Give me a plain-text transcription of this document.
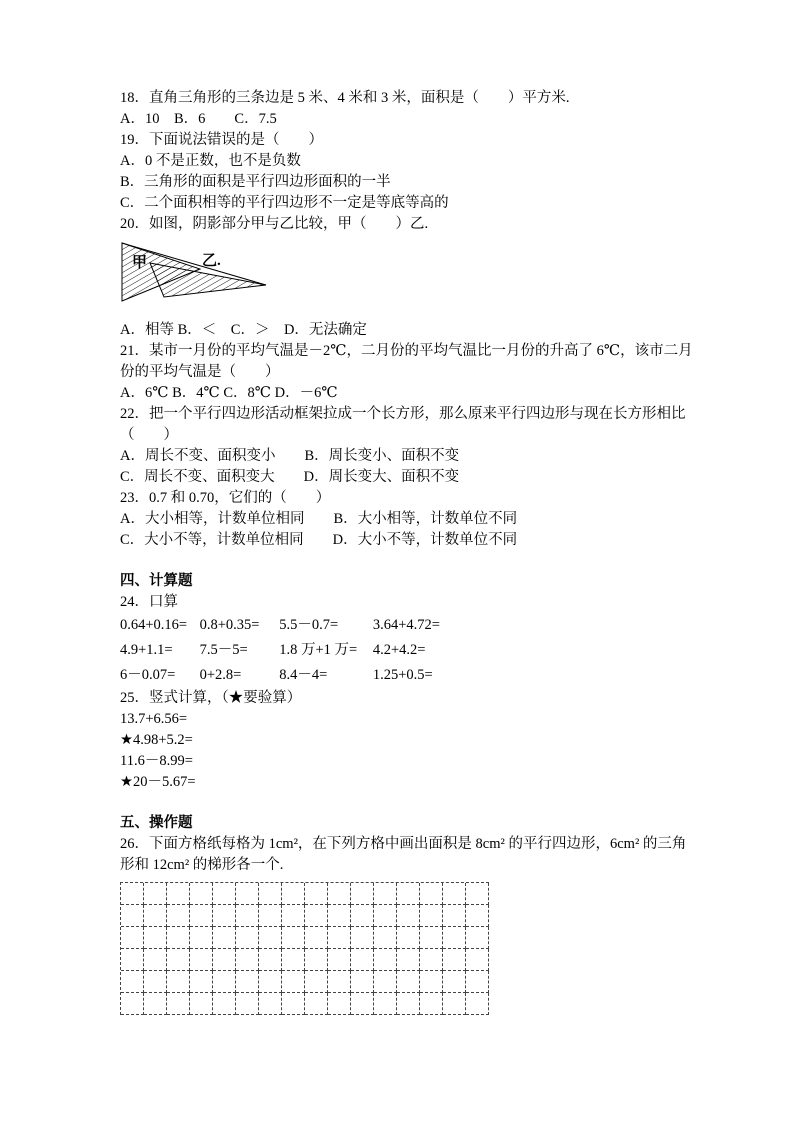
18．直角三角形的三条边是 5 米、4 米和 3 米，面积是（　　）平方米.
A．10　B．6　　C．7.5
19．下面说法错误的是（　　）
A．0 不是正数，也不是负数
B．三角形的面积是平行四边形面积的一半
C．二个面积相等的平行四边形不一定是等底等高的
20．如图，阴影部分甲与乙比较，甲（　　）乙.
甲	乙.
A．相等 B．＜　C．＞　D．无法确定
21．某市一月份的平均气温是－2℃，二月份的平均气温比一月份的升高了 6℃，该市二月
份的平均气温是（　　）
A．6℃ B．4℃ C．8℃ D．－6℃
22．把一个平行四边形活动框架拉成一个长方形，那么原来平行四边形与现在长方形相比
（　　）
A．周长不变、面积变小　　B．周长变小、面积不变
C．周长不变、面积变大　　D．周长变大、面积不变
23．0.7 和 0.70，它们的（　　）
A．大小相等，计数单位相同　　B．大小相等，计数单位不同
C．大小不等，计数单位相同　　D．大小不等，计数单位不同
四、计算题
24．口算
0.64+0.16= 0.8+0.35= 5.5－0.7= 3.64+4.72=
4.9+1.1= 7.5－5= 1.8 万+1 万= 4.2+4.2=
6－0.07= 0+2.8=	8.4－4=	1.25+0.5=
25．竖式计算，（★要验算）
13.7+6.56=
★4.98+5.2=
11.6－8.99=
★20－5.67=
五、操作题
26．下面方格纸每格为 1cm²，在下列方格中画出面积是 8cm² 的平行四边形，6cm² 的三角
形和 12cm² 的梯形各一个.
